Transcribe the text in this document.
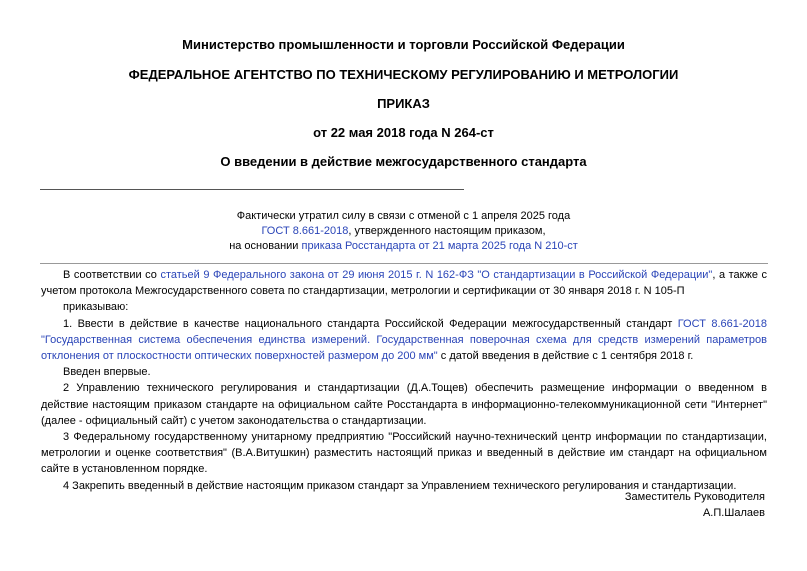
Министерство промышленности и торговли Российской Федерации
ФЕДЕРАЛЬНОЕ АГЕНТСТВО ПО ТЕХНИЧЕСКОМУ РЕГУЛИРОВАНИЮ И МЕТРОЛОГИИ
ПРИКАЗ
от 22 мая 2018 года N 264-ст
О введении в действие межгосударственного стандарта
Фактически утратил силу в связи с отменой с 1 апреля 2025 года
ГОСТ 8.661-2018, утвержденного настоящим приказом,
на основании приказа Росстандарта от 21 марта 2025 года N 210-ст

В соответствии со статьей 9 Федерального закона от 29 июня 2015 г. N 162-ФЗ "О стандартизации в Российской Федерации", а также с учетом протокола Межгосударственного совета по стандартизации, метрологии и сертификации от 30 января 2018 г. N 105-П

приказываю:

1. Ввести в действие в качестве национального стандарта Российской Федерации межгосударственный стандарт ГОСТ 8.661-2018 "Государственная система обеспечения единства измерений. Государственная поверочная схема для средств измерений параметров отклонения от плоскостности оптических поверхностей размером до 200 мм" с датой введения в действие с 1 сентября 2018 г.

Введен впервые.

2 Управлению технического регулирования и стандартизации (Д.А.Тощев) обеспечить размещение информации о введенном в действие настоящим приказом стандарте на официальном сайте Росстандарта в информационно-телекоммуникационной сети "Интернет" (далее - официальный сайт) с учетом законодательства о стандартизации.

3 Федеральному государственному унитарному предприятию "Российский научно-технический центр информации по стандартизации, метрологии и оценке соответствия" (В.А.Витушкин) разместить настоящий приказ и введенный в действие им стандарт на официальном сайте в установленном порядке.

4 Закрепить введенный в действие настоящим приказом стандарт за Управлением технического регулирования и стандартизации.

Заместитель Руководителя
А.П.Шалаев
